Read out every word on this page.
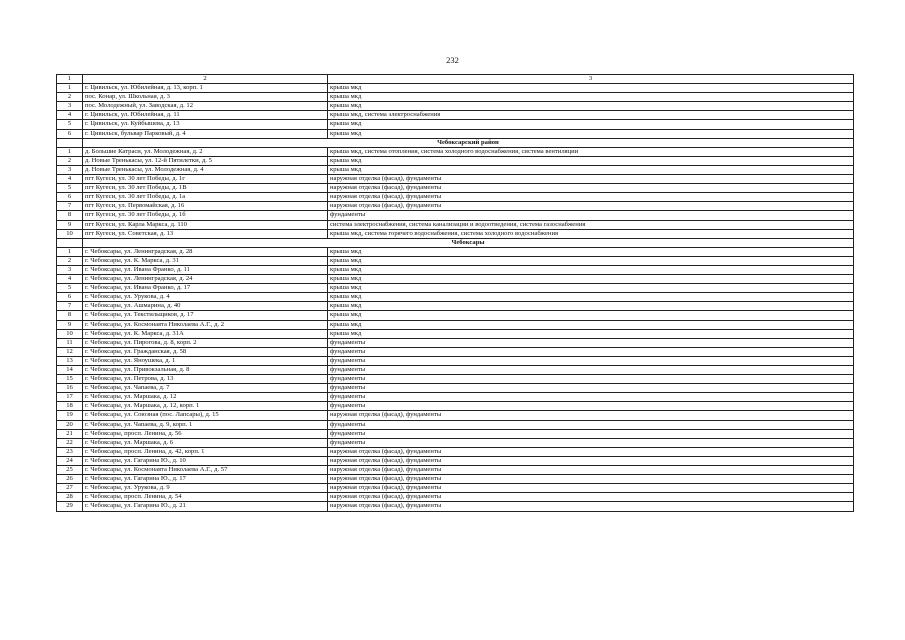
232
1	2	3
1	г. Цивильск, ул. Юбилейная, д. 13, корп. 1	крыша мкд
2	пос. Конар, ул. Школьная, д. 3	крыша мкд
3	пос. Молодежный, ул. Заводская, д. 12	крыша мкд
4	г. Цивильск, ул. Юбилейная, д. 11	крыша мкд, система электроснабжения
5	г. Цивильск, ул. Куйбышева, д. 13	крыша мкд
6	г. Цивильск, бульвар Парковый, д. 4	крыша мкд
	Чебоксарский район	
1	д. Большие Катраси, ул. Молодежная, д. 2	крыша мкд, система отопления, система холодного водоснабжения, система вентиляции
2	д. Новые Тренькасы, ул. 12-й Пятилетки, д. 5	крыша мкд
3	д. Новые Тренькасы, ул. Молодежная, д. 4	крыша мкд
4	пгт Кугеси, ул. 30 лет Победы, д. 1г	наружная отделка (фасад), фундаменты
5	пгт Кугеси, ул. 30 лет Победы, д. 1В	наружная отделка (фасад), фундаменты
6	пгт Кугеси, ул. 30 лет Победы, д. 1а	наружная отделка (фасад), фундаменты
7	пгт Кугеси, ул. Первомайская, д. 16	наружная отделка (фасад), фундаменты
8	пгт Кугеси, ул. 30 лет Победы, д. 1б	фундаменты
9	пгт Кугеси, ул. Карла Маркса, д. 110	система электроснабжения, система канализации и водоотведения, система газоснабжения
10	пгт Кугеси, ул. Советская, д. 13	крыша мкд, система горячего водоснабжения, система холодного водоснабжения
	Чебоксары	
1	г. Чебоксары, ул. Ленинградская, д. 28	крыша мкд
2	г. Чебоксары, ул. К. Маркса, д. 31	крыша мкд
3	г. Чебоксары, ул. Ивана Франко, д. 11	крыша мкд
4	г. Чебоксары, ул. Ленинградская, д. 24	крыша мкд
5	г. Чебоксары, ул. Ивана Франко, д. 17	крыша мкд
6	г. Чебоксары, ул. Урукова, д. 4	крыша мкд
7	г. Чебоксары, ул. Ашмарина, д. 40	крыша мкд
8	г. Чебоксары, ул. Текстильщиков, д. 17	крыша мкд
9	г. Чебоксары, ул. Космонавта Николаева А.Г., д. 2	крыша мкд
10	г. Чебоксары, ул. К. Маркса, д. 31А	крыша мкд
11	г. Чебоксары, ул. Пирогова, д. 8, корп. 2	фундаменты
12	г. Чебоксары, ул. Гражданская, д. 58	фундаменты
13	г. Чебоксары, ул. Яноушека, д. 1	фундаменты
14	г. Чебоксары, ул. Привокзальная, д. 8	фундаменты
15	г. Чебоксары, ул. Петрова, д. 13	фундаменты
16	г. Чебоксары, ул. Чапаева, д. 7	фундаменты
17	г. Чебоксары, ул. Маршака, д. 12	фундаменты
18	г. Чебоксары, ул. Маршака, д. 12, корп. 1	фундаменты
19	г. Чебоксары, ул. Союзная (пос. Лапсары), д. 15	наружная отделка (фасад), фундаменты
20	г. Чебоксары, ул. Чапаева, д. 9, корп. 1	фундаменты
21	г. Чебоксары, просп. Ленина, д. 56	фундаменты
22	г. Чебоксары, ул. Маршака, д. 6	фундаменты
23	г. Чебоксары, просп. Ленина, д. 42, корп. 1	наружная отделка (фасад), фундаменты
24	г. Чебоксары, ул. Гагарина Ю., д. 10	наружная отделка (фасад), фундаменты
25	г. Чебоксары, ул. Космонавта Николаева А.Г., д. 57	наружная отделка (фасад), фундаменты
26	г. Чебоксары, ул. Гагарина Ю., д. 17	наружная отделка (фасад), фундаменты
27	г. Чебоксары, ул. Урукова, д. 9	наружная отделка (фасад), фундаменты
28	г. Чебоксары, просп. Ленина, д. 54	наружная отделка (фасад), фундаменты
29	г. Чебоксары, ул. Гагарина Ю., д. 21	наружная отделка (фасад), фундаменты
